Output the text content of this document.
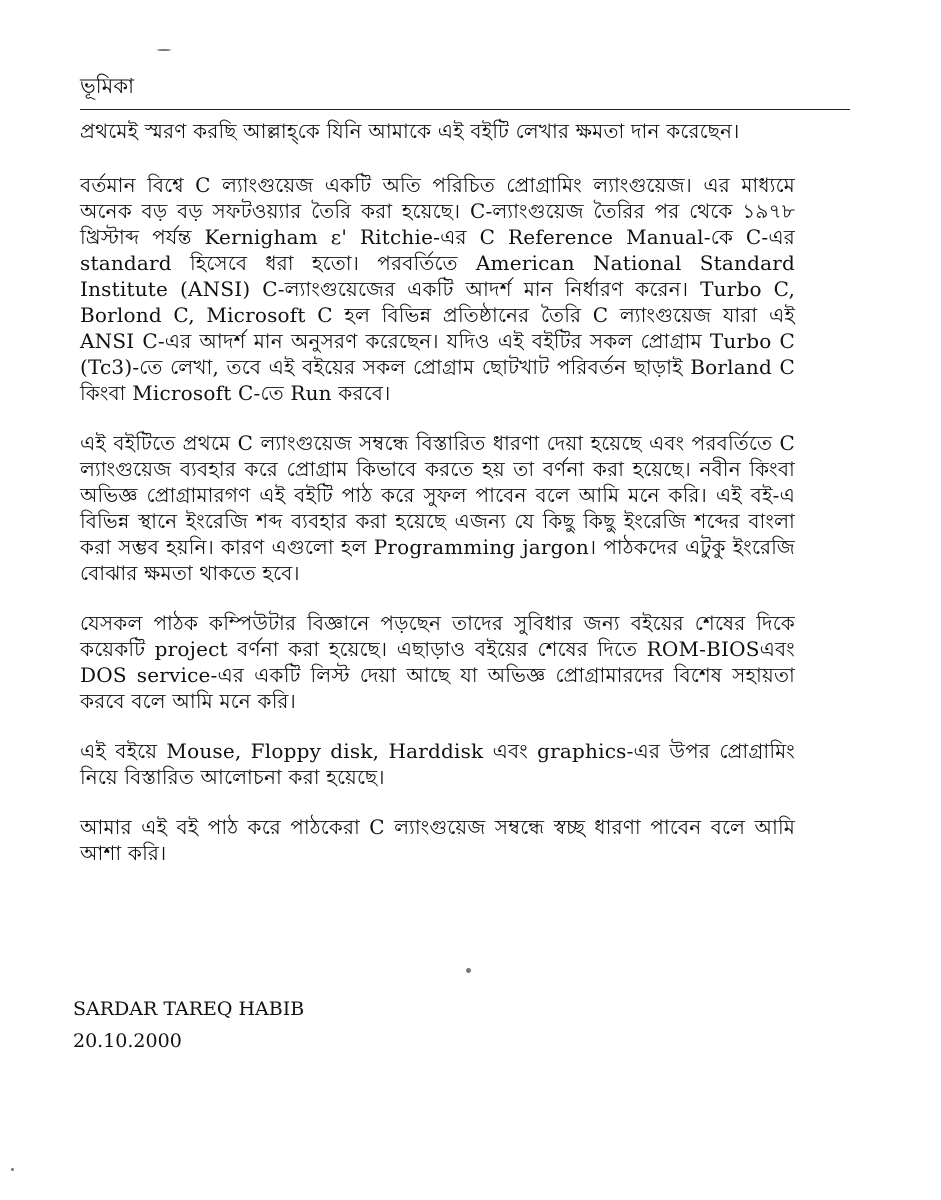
ভূমিকা

প্রথমেই স্মরণ করছি আল্লাহ্‌কে যিনি আমাকে এই বইটি লেখার ক্ষমতা দান করেছেন।

বর্তমান বিশ্বে C ল্যাংগুয়েজ একটি অতি পরিচিত প্রোগ্রামিং ল্যাংগুয়েজ। এর মাধ্যমে অনেক বড় বড় সফটওয়্যার তৈরি করা হয়েছে। C-ল্যাংগুয়েজ তৈরির পর থেকে ১৯৭৮ খ্রিস্টাব্দ পর্যন্ত Kernigham ε' Ritchie-এর C Reference Manual-কে C-এর standard হিসেবে ধরা হতো। পরবর্তিতে American National Standard Institute (ANSI) C-ল্যাংগুয়েজের একটি আদর্শ মান নির্ধারণ করেন। Turbo C, Borlond C, Microsoft C হল বিভিন্ন প্রতিষ্ঠানের তৈরি C ল্যাংগুয়েজ যারা এই ANSI C-এর আদর্শ মান অনুসরণ করেছেন। যদিও এই বইটির সকল প্রোগ্রাম Turbo C (Tc3)-তে লেখা, তবে এই বইয়ের সকল প্রোগ্রাম ছোটখাট পরিবর্তন ছাড়াই Borland C কিংবা Microsoft C-তে Run করবে।

এই বইটিতে প্রথমে C ল্যাংগুয়েজ সম্বন্ধে বিস্তারিত ধারণা দেয়া হয়েছে এবং পরবর্তিতে C ল্যাংগুয়েজ ব্যবহার করে প্রোগ্রাম কিভাবে করতে হয় তা বর্ণনা করা হয়েছে। নবীন কিংবা অভিজ্ঞ প্রোগ্রামারগণ এই বইটি পাঠ করে সুফল পাবেন বলে আমি মনে করি। এই বই-এ বিভিন্ন স্থানে ইংরেজি শব্দ ব্যবহার করা হয়েছে এজন্য যে কিছু কিছু ইংরেজি শব্দের বাংলা করা সম্ভব হয়নি। কারণ এগুলো হল Programming jargon। পাঠকদের এটুকু ইংরেজি বোঝার ক্ষমতা থাকতে হবে।

যেসকল পাঠক কম্পিউটার বিজ্ঞানে পড়ছেন তাদের সুবিধার জন্য বইয়ের শেষের দিকে কয়েকটি project বর্ণনা করা হয়েছে। এছাড়াও বইয়ের শেষের দিতে ROM-BIOSএবং DOS service-এর একটি লিস্ট দেয়া আছে যা অভিজ্ঞ প্রোগ্রামারদের বিশেষ সহায়তা করবে বলে আমি মনে করি।

এই বইয়ে Mouse, Floppy disk, Harddisk এবং graphics-এর উপর প্রোগ্রামিং নিয়ে বিস্তারিত আলোচনা করা হয়েছে।

আমার এই বই পাঠ করে পাঠকেরা C ল্যাংগুয়েজ সম্বন্ধে স্বচ্ছ ধারণা পাবেন বলে আমি আশা করি।

SARDAR TAREQ HABIB
20.10.2000
